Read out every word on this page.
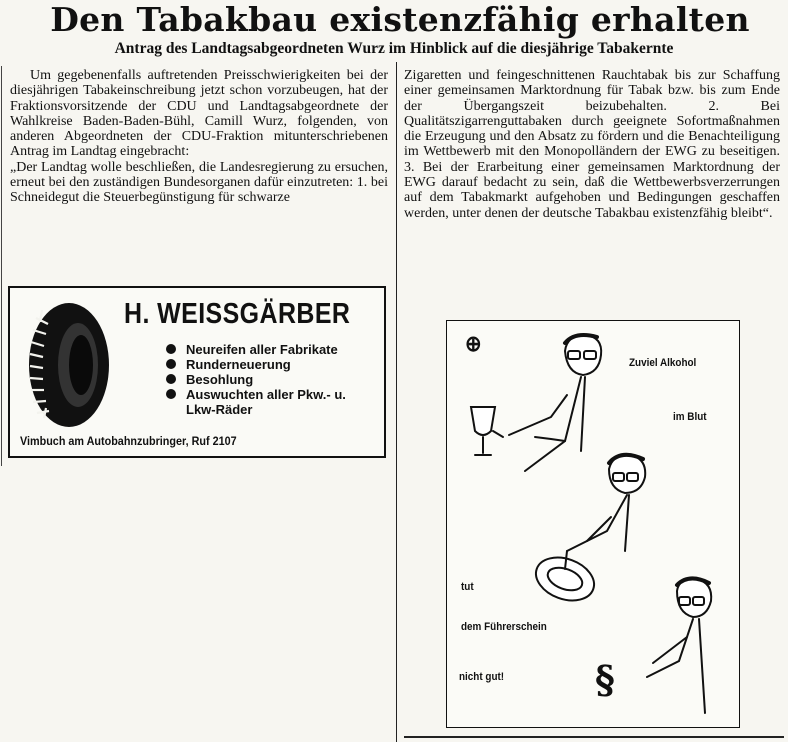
Den Tabakbau existenzfähig erhalten
Antrag des Landtagsabgeordneten Wurz im Hinblick auf die diesjährige Tabakernte

Um gegebenenfalls auftretenden Preisschwierigkeiten bei der diesjährigen Tabakeinschreibung jetzt schon vorzubeugen, hat der Fraktionsvorsitzende der CDU und Landtagsabgeordnete der Wahlkreise Baden-Baden-Bühl, Camill Wurz, folgenden, von anderen Abgeordneten der CDU-Fraktion mitunterschriebenen Antrag im Landtag eingebracht:

„Der Landtag wolle beschließen, die Landesregierung zu ersuchen, erneut bei den zuständigen Bundesorganen dafür einzutreten: 1. bei Schneidegut die Steuerbegünstigung für schwarze

Zigaretten und feingeschnittenen Rauchtabak bis zur Schaffung einer gemeinsamen Marktordnung für Tabak bzw. bis zum Ende der Übergangszeit beizubehalten. 2. Bei Qualitätszigarrenguttabaken durch geeignete Sofortmaßnahmen die Erzeugung und den Absatz zu fördern und die Benachteiligung im Wettbewerb mit den Monopolländern der EWG zu beseitigen. 3. Bei der Erarbeitung einer gemeinsamen Marktordnung der EWG darauf bedacht zu sein, daß die Wettbewerbsverzerrungen auf dem Tabakmarkt aufgehoben und Bedingungen geschaffen werden, unter denen der deutsche Tabakbau existenzfähig bleibt“.

H. WEISSGÄRBER
Neureifen aller Fabrikate
Runderneuerung
Besohlung
Auswuchten aller Pkw.- u. Lkw-Räder
Vimbuch am Autobahnzubringer, Ruf 2107
⊕
Zuviel Alkohol
im Blut
tut
dem Führerschein
nicht gut! §
